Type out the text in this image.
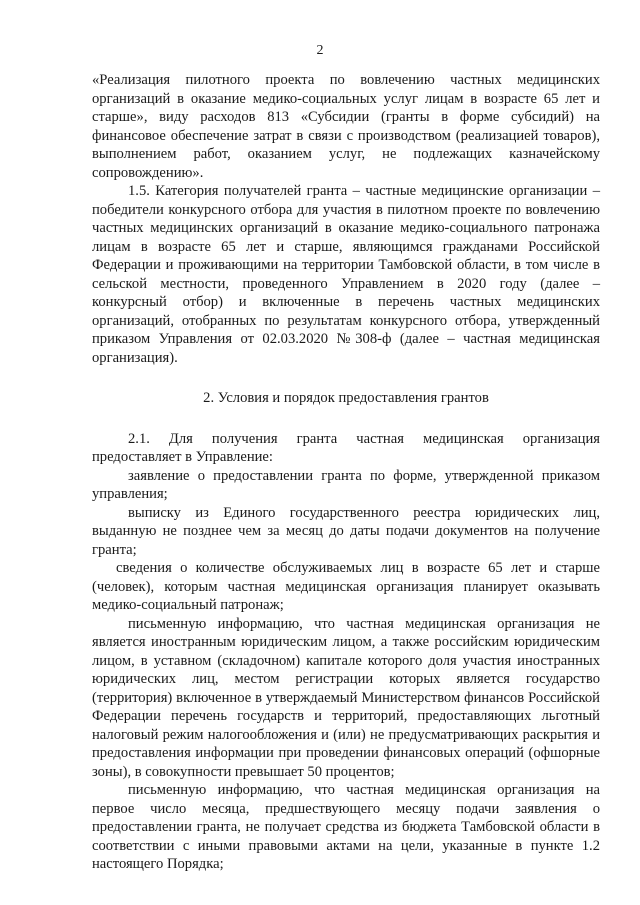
2

«Реализация пилотного проекта по вовлечению частных медицинских организаций в оказание медико-социальных услуг лицам в возрасте 65 лет и старше», виду расходов 813 «Субсидии (гранты в форме субсидий) на финансовое обеспечение затрат в связи с производством (реализацией товаров), выполнением работ, оказанием услуг, не подлежащих казначейскому сопровождению».

1.5. Категория получателей гранта – частные медицинские организации – победители конкурсного отбора для участия в пилотном проекте по вовлечению частных медицинских организаций в оказание медико-социального патронажа лицам в возрасте 65 лет и старше, являющимся гражданами Российской Федерации и проживающими на территории Тамбовской области, в том числе в сельской местности, проведенного Управлением в 2020 году (далее – конкурсный отбор) и включенные в перечень частных медицинских организаций, отобранных по результатам конкурсного отбора, утвержденный приказом Управления от 02.03.2020 №308-ф (далее – частная медицинская организация).

2. Условия и порядок предоставления грантов

2.1. Для получения гранта частная медицинская организация предоставляет в Управление:

заявление о предоставлении гранта по форме, утвержденной приказом управления;

выписку из Единого государственного реестра юридических лиц, выданную не позднее чем за месяц до даты подачи документов на получение гранта;

сведения о количестве обслуживаемых лиц в возрасте 65 лет и старше (человек), которым частная медицинская организация планирует оказывать медико-социальный патронаж;

письменную информацию, что частная медицинская организация не является иностранным юридическим лицом, а также российским юридическим лицом, в уставном (складочном) капитале которого доля участия иностранных юридических лиц, местом регистрации которых является государство (территория) включенное в утверждаемый Министерством финансов Российской Федерации перечень государств и территорий, предоставляющих льготный налоговый режим налогообложения и (или) не предусматривающих раскрытия и предоставления информации при проведении финансовых операций (офшорные зоны), в совокупности превышает 50 процентов;

письменную информацию, что частная медицинская организация на первое число месяца, предшествующего месяцу подачи заявления о предоставлении гранта, не получает средства из бюджета Тамбовской области в соответствии с иными правовыми актами на цели, указанные в пункте 1.2 настоящего Порядка;
